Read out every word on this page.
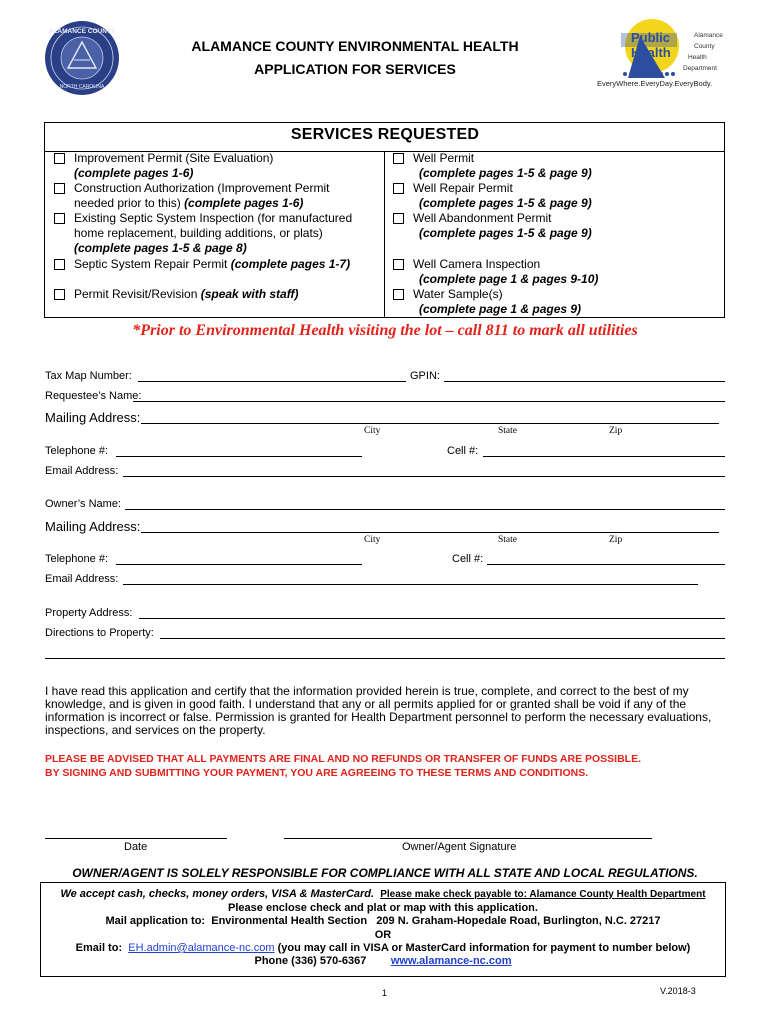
ALAMANCE COUNTY
NORTH CAROLINA
ALAMANCE COUNTY ENVIRONMENTAL HEALTH
APPLICATION FOR SERVICES
Public
Health
Alamance
County
Health
Department
EveryWhere.EveryDay.EveryBody.
SERVICES REQUESTED
Improvement Permit (Site Evaluation)
(complete pages 1-6)
Construction Authorization (Improvement Permit
needed prior to this) (complete pages 1-6)
Existing Septic System Inspection (for manufactured
home replacement, building additions, or plats)
(complete pages 1-5 & page 8)
Septic System Repair Permit (complete pages 1-7)
Permit Revisit/Revision (speak with staff)
Well Permit
(complete pages 1-5 & page 9)
Well Repair Permit
(complete pages 1-5 & page 9)
Well Abandonment Permit
(complete pages 1-5 & page 9)
Well Camera Inspection
(complete page 1 & pages 9-10)
Water Sample(s)
(complete page 1 & pages 9)
*Prior to Environmental Health visiting the lot – call 811 to mark all utilities
Tax Map Number:	GPIN:
Requestee’s Name:
Mailing Address:
City	State	Zip
Telephone #:	Cell #:
Email Address:
Owner’s Name:
Mailing Address:
City	State	Zip
Telephone #:	Cell #:
Email Address:
Property Address:
Directions to Property:
I have read this application and certify that the information provided herein is true, complete, and correct to the best of my knowledge, and is given in good faith. I understand that any or all permits applied for or granted shall be void if any of the information is incorrect or false. Permission is granted for Health Department personnel to perform the necessary evaluations, inspections, and services on the property.
PLEASE BE ADVISED THAT ALL PAYMENTS ARE FINAL AND NO REFUNDS OR TRANSFER OF FUNDS ARE POSSIBLE.
BY SIGNING AND SUBMITTING YOUR PAYMENT, YOU ARE AGREEING TO THESE TERMS AND CONDITIONS.
Date	Owner/Agent Signature
OWNER/AGENT IS SOLELY RESPONSIBLE FOR COMPLIANCE WITH ALL STATE AND LOCAL REGULATIONS.
We accept cash, checks, money orders, VISA & MasterCard. Please make check payable to: Alamance County Health Department
Please enclose check and plat or map with this application.
Mail application to: Environmental Health Section 209 N. Graham-Hopedale Road, Burlington, N.C. 27217
OR
Email to: EH.admin@alamance-nc.com (you may call in VISA or MasterCard information for payment to number below)
Phone (336) 570-6367 www.alamance-nc.com
1	V.2018-3
